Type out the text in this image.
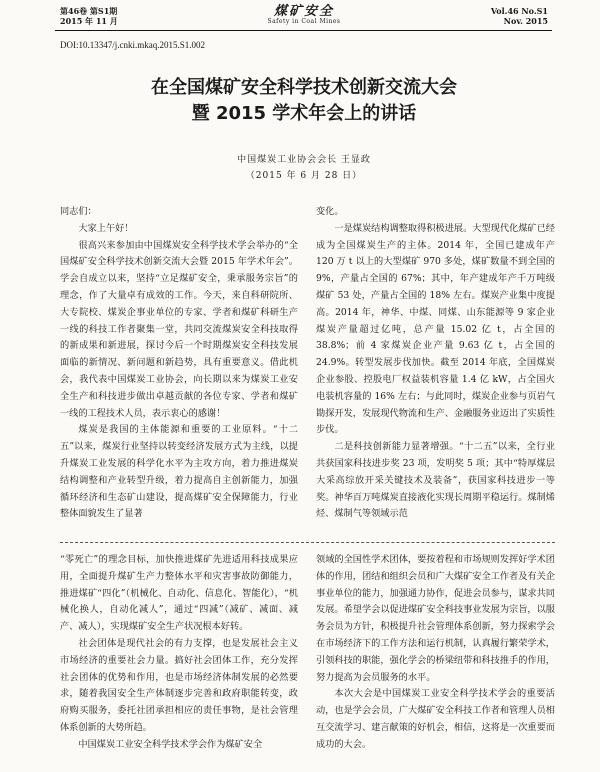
第46卷 第S1期
2015 年 11 月
煤矿安全
Safety in Coal Mines
Vol.46 No.S1
Nov. 2015
DOI:10.13347/j.cnki.mkaq.2015.S1.002
在全国煤矿安全科学技术创新交流大会
暨 2015 学术年会上的讲话
中国煤炭工业协会会长 王显政
（2015 年 6 月 28 日）

同志们：

大家上午好！

很高兴来参加由中国煤炭安全科学技术学会举办的“全国煤矿安全科学技术创新交流大会暨 2015 年学术年会”。学会自成立以来，坚持“立足煤矿安全，秉承服务宗旨”的理念，作了大量卓有成效的工作。今天，来自科研院所、大专院校、煤炭企事业单位的专家、学者和煤矿科研生产一线的科技工作者聚集一堂，共同交流煤炭安全科技取得的新成果和新进展，探讨今后一个时期煤炭安全科技发展面临的新情况、新问题和新趋势，具有重要意义。借此机会，我代表中国煤炭工业协会，向长期以来为煤炭工业安全生产和科技进步做出卓越贡献的各位专家、学者和煤矿一线的工程技术人员，表示衷心的感谢！

煤炭是我国的主体能源和重要的工业原料。“十二五”以来，煤炭行业坚持以转变经济发展方式为主线，以提升煤炭工业发展的科学化水平为主攻方向，着力推进煤炭结构调整和产业转型升级，着力提高自主创新能力，加强循环经济和生态矿山建设，提高煤矿安全保障能力，行业整体面貌发生了显著

变化。

一是煤炭结构调整取得积极进展。大型现代化煤矿已经成为全国煤炭生产的主体。2014 年，全国已建成年产 120 万 t 以上的大型煤矿 970 多处，煤矿数量不到全国的 9%，产量占全国的 67%；其中，年产建成年产千万吨级煤矿 53 处，产量占全国的 18% 左右。煤炭产业集中度提高。2014 年，神华、中煤、同煤、山东能源等 9 家企业煤炭产量超过亿吨，总产量 15.02 亿 t，占全国的 38.8%；前 4 家煤炭企业产量 9.63 亿 t，占全国的 24.9%。转型发展步伐加快。截至 2014 年底，全国煤炭企业参股、控股电厂权益装机容量 1.4 亿 kW，占全国火电装机容量的 16% 左右；与此同时，煤炭企业参与页岩气勘探开发，发展现代物流和生产、金融服务业迈出了实质性步伐。

二是科技创新能力显著增强。“十二五”以来，全行业共获国家科技进步奖 23 项，发明奖 5 项；其中“特厚煤层大采高综放开采关键技术及装备”，获国家科技进步一等奖。神华百万吨煤炭直接液化实现长周期平稳运行。煤制烯烃、煤制气等领域示范

“零死亡”的理念目标，加快推进煤矿先进适用科技成果应用，全面提升煤矿生产力整体水平和灾害事故防御能力，推进煤矿“四化”（机械化、自动化、信息化、智能化），“机械化换人，自动化减人”，通过“四减”（减矿、减面、减产、减人），实现煤矿安全生产状况根本好转。

社会团体是现代社会的有力支撑，也是发展社会主义市场经济的重要社会力量。搞好社会团体工作，充分发挥社会团体的优势和作用，也是市场经济体制发展的必然要求，随着我国安全生产体制逐步完善和政府职能转变，政府购买服务，委托社团承担相应的责任事物，是社会管理体系创新的大势所趋。

中国煤炭工业安全科学技术学会作为煤矿安全

领域的全国性学术团体，要按着程和市场规则发挥好学术团体的作用，团结和组织会员和广大煤矿安全工作者及有关企事业单位的能力，加强通力协作，促进会员参与，谋求共同发展。希望学会以促进煤矿安全科技事业发展为宗旨，以服务会员为方针，积极提升社会管理体系创新，努力探索学会在市场经济下的工作方法和运行机制，认真履行繁荣学术，引领科技的职能，强化学会的桥梁纽带和科技推手的作用，努力提高为会员服务的水平。

本次大会是中国煤炭工业安全科学技术学会的重要活动，也是学会会员，广大煤矿安全科技工作者和管理人员相互交流学习、建言献策的好机会，相信，这将是一次重要而成功的大会。
